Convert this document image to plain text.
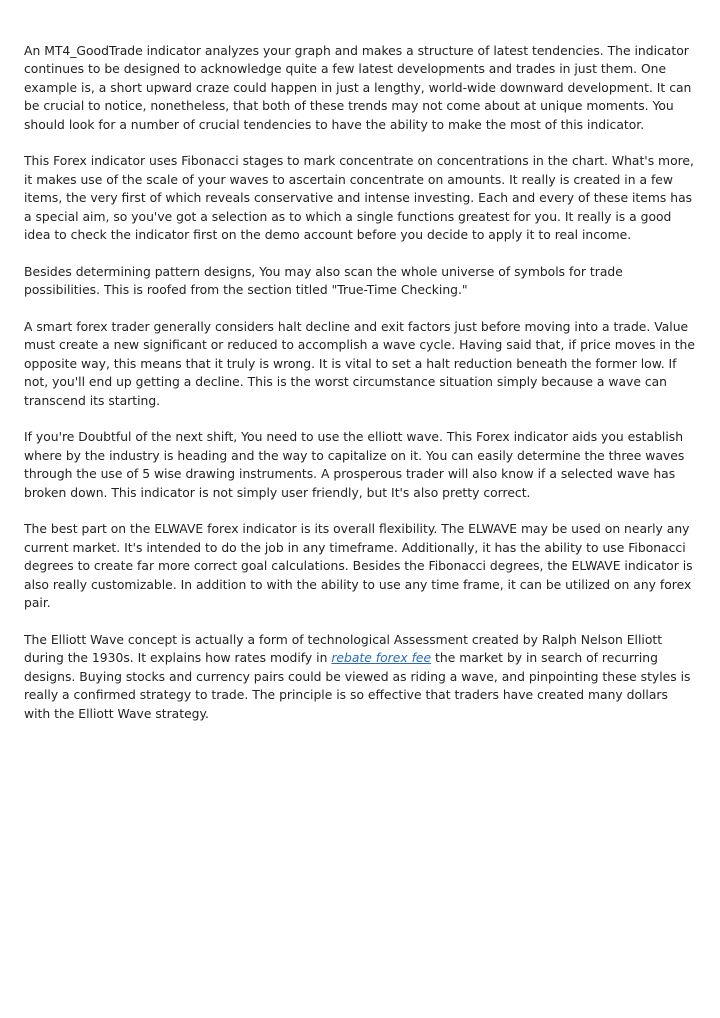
An MT4_GoodTrade indicator analyzes your graph and makes a structure of latest tendencies. The indicator continues to be designed to acknowledge quite a few latest developments and trades in just them. One example is, a short upward craze could happen in just a lengthy, world-wide downward development. It can be crucial to notice, nonetheless, that both of these trends may not come about at unique moments. You should look for a number of crucial tendencies to have the ability to make the most of this indicator.

This Forex indicator uses Fibonacci stages to mark concentrate on concentrations in the chart. What's more, it makes use of the scale of your waves to ascertain concentrate on amounts. It really is created in a few items, the very first of which reveals conservative and intense investing. Each and every of these items has a special aim, so you've got a selection as to which a single functions greatest for you. It really is a good idea to check the indicator first on the demo account before you decide to apply it to real income.

Besides determining pattern designs, You may also scan the whole universe of symbols for trade possibilities. This is roofed from the section titled "True-Time Checking."

A smart forex trader generally considers halt decline and exit factors just before moving into a trade. Value must create a new significant or reduced to accomplish a wave cycle. Having said that, if price moves in the opposite way, this means that it truly is wrong. It is vital to set a halt reduction beneath the former low. If not, you'll end up getting a decline. This is the worst circumstance situation simply because a wave can transcend its starting.

If you're Doubtful of the next shift, You need to use the elliott wave. This Forex indicator aids you establish where by the industry is heading and the way to capitalize on it. You can easily determine the three waves through the use of 5 wise drawing instruments. A prosperous trader will also know if a selected wave has broken down. This indicator is not simply user friendly, but It's also pretty correct.

The best part on the ELWAVE forex indicator is its overall flexibility. The ELWAVE may be used on nearly any current market. It's intended to do the job in any timeframe. Additionally, it has the ability to use Fibonacci degrees to create far more correct goal calculations. Besides the Fibonacci degrees, the ELWAVE indicator is also really customizable. In addition to with the ability to use any time frame, it can be utilized on any forex pair.

The Elliott Wave concept is actually a form of technological Assessment created by Ralph Nelson Elliott during the 1930s. It explains how rates modify in rebate forex fee the market by in search of recurring designs. Buying stocks and currency pairs could be viewed as riding a wave, and pinpointing these styles is really a confirmed strategy to trade. The principle is so effective that traders have created many dollars with the Elliott Wave strategy.
